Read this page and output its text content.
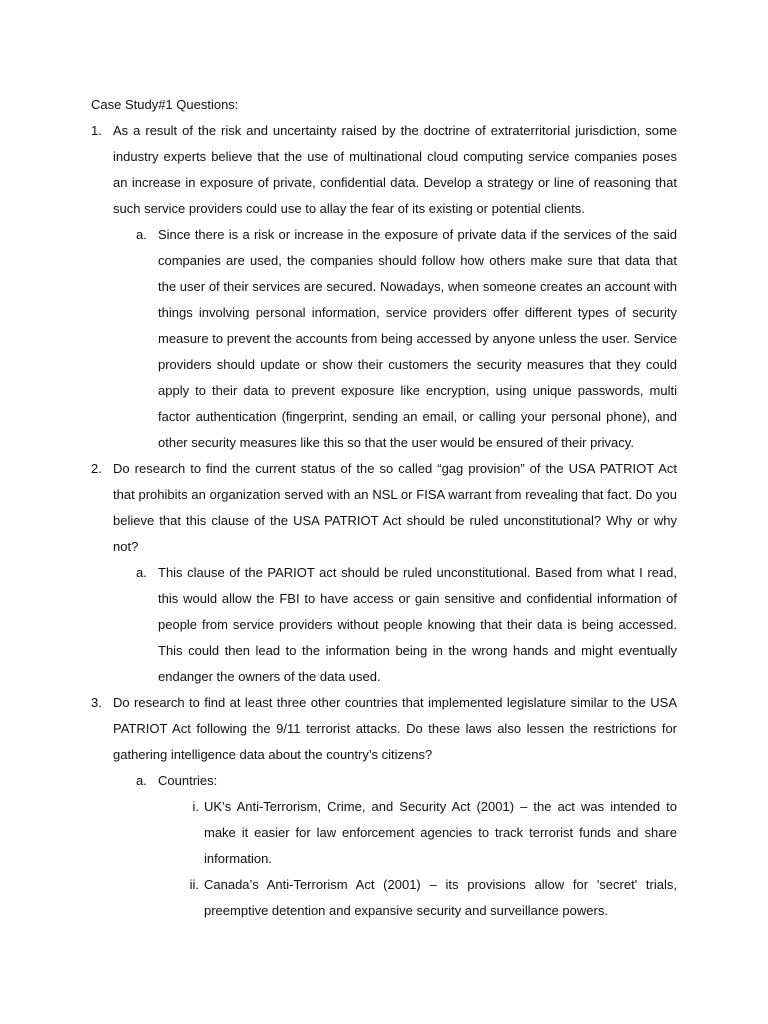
Case Study#1 Questions:
1. As a result of the risk and uncertainty raised by the doctrine of extraterritorial jurisdiction, some industry experts believe that the use of multinational cloud computing service companies poses an increase in exposure of private, confidential data. Develop a strategy or line of reasoning that such service providers could use to allay the fear of its existing or potential clients.
a. Since there is a risk or increase in the exposure of private data if the services of the said companies are used, the companies should follow how others make sure that data that the user of their services are secured. Nowadays, when someone creates an account with things involving personal information, service providers offer different types of security measure to prevent the accounts from being accessed by anyone unless the user. Service providers should update or show their customers the security measures that they could apply to their data to prevent exposure like encryption, using unique passwords, multi factor authentication (fingerprint, sending an email, or calling your personal phone), and other security measures like this so that the user would be ensured of their privacy.
2. Do research to find the current status of the so called “gag provision” of the USA PATRIOT Act that prohibits an organization served with an NSL or FISA warrant from revealing that fact. Do you believe that this clause of the USA PATRIOT Act should be ruled unconstitutional? Why or why not?
a. This clause of the PARIOT act should be ruled unconstitutional. Based from what I read, this would allow the FBI to have access or gain sensitive and confidential information of people from service providers without people knowing that their data is being accessed. This could then lead to the information being in the wrong hands and might eventually endanger the owners of the data used.
3. Do research to find at least three other countries that implemented legislature similar to the USA PATRIOT Act following the 9/11 terrorist attacks. Do these laws also lessen the restrictions for gathering intelligence data about the country’s citizens?
a. Countries:
i. UK’s Anti-Terrorism, Crime, and Security Act (2001) – the act was intended to make it easier for law enforcement agencies to track terrorist funds and share information.
ii. Canada’s Anti-Terrorism Act (2001) – its provisions allow for 'secret' trials, preemptive detention and expansive security and surveillance powers.
